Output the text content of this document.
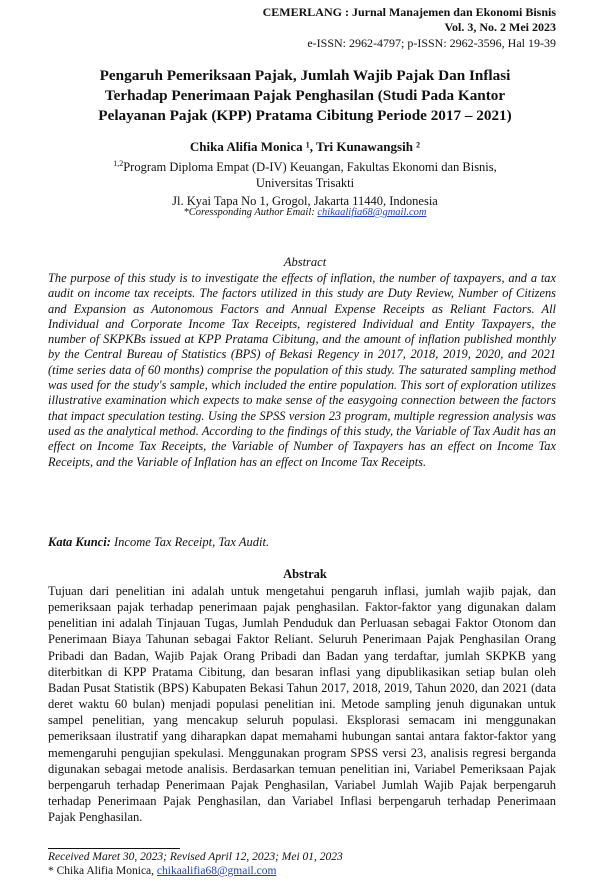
CEMERLANG : Jurnal Manajemen dan Ekonomi Bisnis
Vol. 3, No. 2 Mei 2023
e-ISSN: 2962-4797; p-ISSN: 2962-3596, Hal 19-39
Pengaruh Pemeriksaan Pajak, Jumlah Wajib Pajak Dan Inflasi
Terhadap Penerimaan Pajak Penghasilan (Studi Pada Kantor
Pelayanan Pajak (KPP) Pratama Cibitung Periode 2017 – 2021)
Chika Alifia Monica ¹, Tri Kunawangsih ²
$^{1,2}$Program Diploma Empat (D-IV) Keuangan, Fakultas Ekonomi dan Bisnis,
Universitas Trisakti
Jl. Kyai Tapa No 1, Grogol, Jakarta 11440, Indonesia
*Coressponding Author Email: chikaalifia68@gmail.com
Abstract
The purpose of this study is to investigate the effects of inflation, the number of taxpayers, and a tax audit on income tax receipts. The factors utilized in this study are Duty Review, Number of Citizens and Expansion as Autonomous Factors and Annual Expense Receipts as Reliant Factors. All Individual and Corporate Income Tax Receipts, registered Individual and Entity Taxpayers, the number of SKPKBs issued at KPP Pratama Cibitung, and the amount of inflation published monthly by the Central Bureau of Statistics (BPS) of Bekasi Regency in 2017, 2018, 2019, 2020, and 2021 (time series data of 60 months) comprise the population of this study. The saturated sampling method was used for the study's sample, which included the entire population. This sort of exploration utilizes illustrative examination which expects to make sense of the easygoing connection between the factors that impact speculation testing. Using the SPSS version 23 program, multiple regression analysis was used as the analytical method. According to the findings of this study, the Variable of Tax Audit has an effect on Income Tax Receipts, the Variable of Number of Taxpayers has an effect on Income Tax Receipts, and the Variable of Inflation has an effect on Income Tax Receipts.
Kata Kunci: Income Tax Receipt, Tax Audit.
Abstrak
Tujuan dari penelitian ini adalah untuk mengetahui pengaruh inflasi, jumlah wajib pajak, dan pemeriksaan pajak terhadap penerimaan pajak penghasilan. Faktor-faktor yang digunakan dalam penelitian ini adalah Tinjauan Tugas, Jumlah Penduduk dan Perluasan sebagai Faktor Otonom dan Penerimaan Biaya Tahunan sebagai Faktor Reliant. Seluruh Penerimaan Pajak Penghasilan Orang Pribadi dan Badan, Wajib Pajak Orang Pribadi dan Badan yang terdaftar, jumlah SKPKB yang diterbitkan di KPP Pratama Cibitung, dan besaran inflasi yang dipublikasikan setiap bulan oleh Badan Pusat Statistik (BPS) Kabupaten Bekasi Tahun 2017, 2018, 2019, Tahun 2020, dan 2021 (data deret waktu 60 bulan) menjadi populasi penelitian ini. Metode sampling jenuh digunakan untuk sampel penelitian, yang mencakup seluruh populasi. Eksplorasi semacam ini menggunakan pemeriksaan ilustratif yang diharapkan dapat memahami hubungan santai antara faktor-faktor yang memengaruhi pengujian spekulasi. Menggunakan program SPSS versi 23, analisis regresi berganda digunakan sebagai metode analisis. Berdasarkan temuan penelitian ini, Variabel Pemeriksaan Pajak berpengaruh terhadap Penerimaan Pajak Penghasilan, Variabel Jumlah Wajib Pajak berpengaruh terhadap Penerimaan Pajak Penghasilan, dan Variabel Inflasi berpengaruh terhadap Penerimaan Pajak Penghasilan.
Received Maret 30, 2023; Revised April 12, 2023; Mei 01, 2023
* Chika Alifia Monica, chikaalifia68@gmail.com
